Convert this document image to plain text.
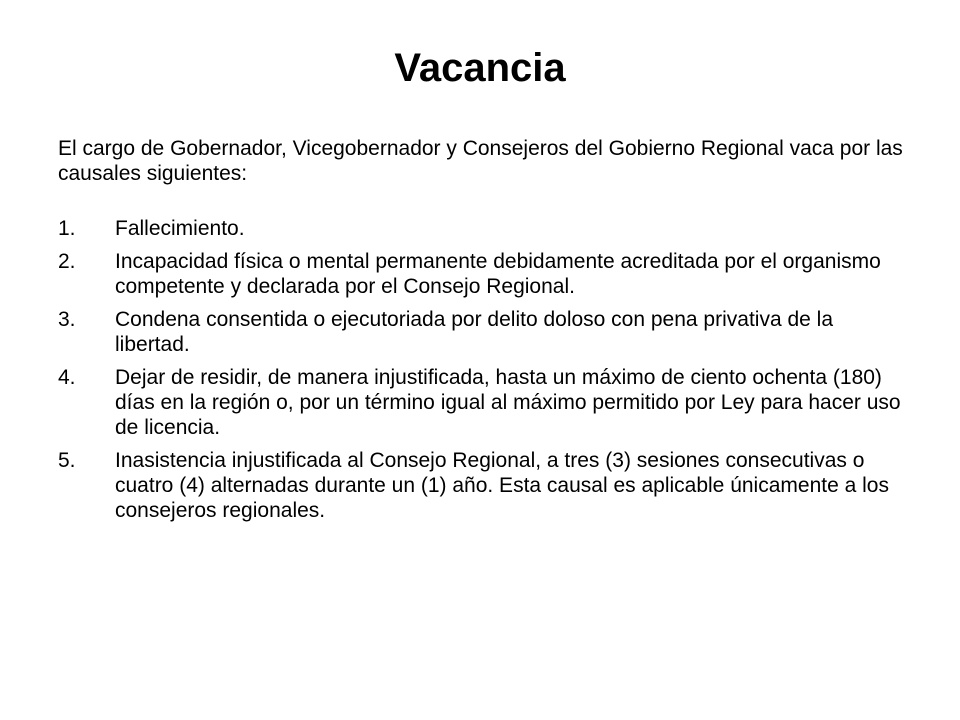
Vacancia

El cargo de Gobernador, Vicegobernador y Consejeros del Gobierno Regional vaca por las causales siguientes:

1.	Fallecimiento.
2.	Incapacidad física o mental permanente debidamente acreditada por el organismo competente y declarada por el Consejo Regional.
3.	Condena consentida o ejecutoriada por delito doloso con pena privativa de la libertad.
4.	Dejar de residir, de manera injustificada, hasta un máximo de ciento ochenta (180) días en la región o, por un término igual al máximo permitido por Ley para hacer uso de licencia.
5.	Inasistencia injustificada al Consejo Regional, a tres (3) sesiones consecutivas o cuatro (4) alternadas durante un (1) año. Esta causal es aplicable únicamente a los consejeros regionales.
